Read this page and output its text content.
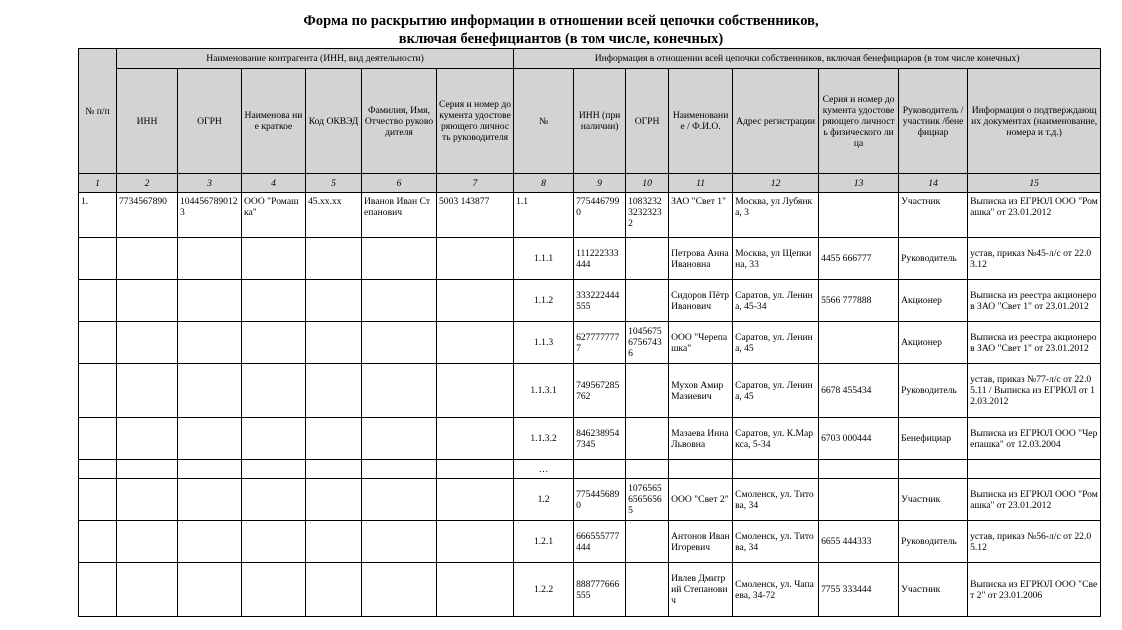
Форма по раскрытию информации в отношении всей цепочки собственников,
включая бенефициантов (в том числе, конечных)
№ п/п	Наименование контрагента (ИНН, вид деятельности)						Информация в отношении всей цепочки собственников, включая бенефициаров (в том числе конечных)							
	ИНН	ОГРН	Наименова ние краткое	Код ОКВЭД	Фамилия, Имя, Отчество руководителя	Серия и номер документа удостоверяющего личность руководителя	№	ИНН (при наличии)	ОГРН	Наименование / Ф.И.О.	Адрес регистрации	Серия и номер документа удостоверяющего личность физического лица	Руководитель /участник /бенефициар	Информация о подтверждающих документах (наименование, номера и т.д.)
1	2	3	4	5	6	7	8	9	10	11	12	13	14	15
1.	7734567890	1044567890123	ООО "Ромашка"	45.xx.xx	Иванов Иван Степанович	5003 143877	1.1	7754467990	108323232323232	ЗАО "Свет 1"	Москва, ул Лубянка, 3		Участник	Выписка из ЕГРЮЛ ООО "Ромашка" от 23.01.2012
							1.1.1	111222333444		Петрова Анна Ивановна	Москва, ул Щепкина, 33	4455 666777	Руководитель	устав, приказ №45-л/с от 22.03.12
							1.1.2	333222444555		Сидоров Пётр Иванович	Саратов, ул. Ленина, 45-34	5566 777888	Акционер	Выписка из реестра акционеров ЗАО "Свет 1" от 23.01.2012
							1.1.3	6277777777	104567567567436	ООО "Черепашка"	Саратов, ул. Ленина, 45		Акционер	Выписка из реестра акционеров ЗАО "Свет 1" от 23.01.2012
							1.1.3.1	749567285762		Мухов Амир Мазиевич	Саратов, ул. Ленина, 45	6678 455434	Руководитель	устав, приказ №77-л/с от 22.05.11 / Выписка из ЕГРЮЛ от 12.03.2012
							1.1.3.2	8462389547345		Мазаева Инна Львовна	Саратов, ул. К.Маркса, 5-34	6703 000444	Бенефициар	Выписка из ЕГРЮЛ ООО "Черепашка" от 12.03.2004
							…							
							1.2	7754456890	107656565656565	ООО "Свет 2"	Смоленск, ул. Титова, 34		Участник	Выписка из ЕГРЮЛ ООО "Ромашка" от 23.01.2012
							1.2.1	666555777444		Антонов Иван Игоревич	Смоленск, ул. Титова, 34	6655 444333	Руководитель	устав, приказ №56-л/с от 22.05.12
							1.2.2	888777666555		Ивлев Дмитрий Степанович	Смоленск, ул. Чапаева, 34-72	7755 333444	Участник	Выписка из ЕГРЮЛ ООО "Свет 2" от 23.01.2006
